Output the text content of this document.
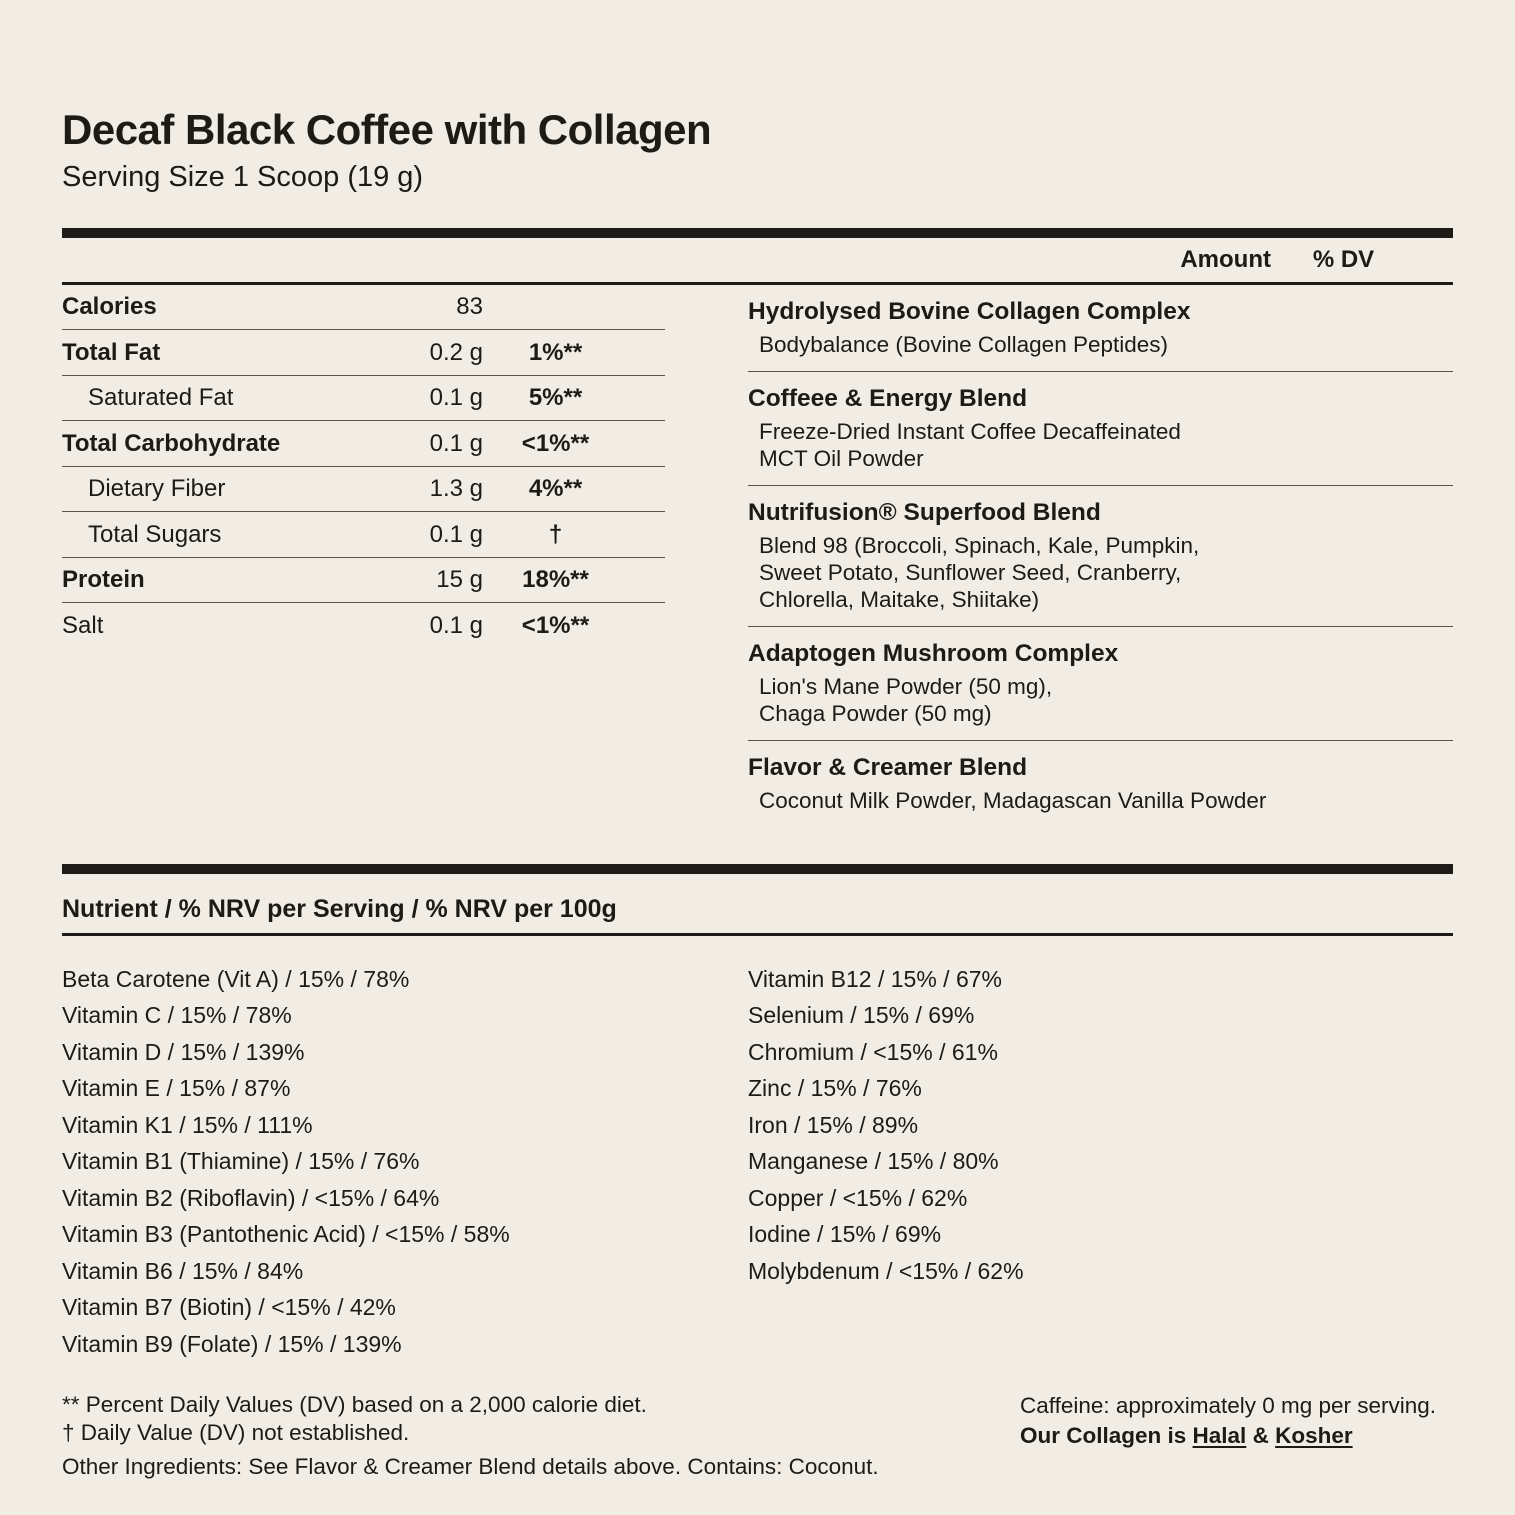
Decaf Black Coffee with Collagen
Serving Size 1 Scoop (19 g)
Amount	% DV
Calories	83
Total Fat	0.2 g	1%**
Saturated Fat	0.1 g	5%**
Total Carbohydrate	0.1 g	<1%**
Dietary Fiber	1.3 g	4%**
Total Sugars	0.1 g	†
Protein	15 g	18%**
Salt	0.1 g	<1%**
Hydrolysed Bovine Collagen Complex
Bodybalance (Bovine Collagen Peptides)
Coffeee & Energy Blend
Freeze-Dried Instant Coffee Decaffeinated
MCT Oil Powder
Nutrifusion® Superfood Blend
Blend 98 (Broccoli, Spinach, Kale, Pumpkin,
Sweet Potato, Sunflower Seed, Cranberry,
Chlorella, Maitake, Shiitake)
Adaptogen Mushroom Complex
Lion's Mane Powder (50 mg),
Chaga Powder (50 mg)
Flavor & Creamer Blend
Coconut Milk Powder, Madagascan Vanilla Powder
Nutrient / % NRV per Serving / % NRV per 100g
Beta Carotene (Vit A) / 15% / 78%
Vitamin C / 15% / 78%
Vitamin D / 15% / 139%
Vitamin E / 15% / 87%
Vitamin K1 / 15% / 111%
Vitamin B1 (Thiamine) / 15% / 76%
Vitamin B2 (Riboflavin) / <15% / 64%
Vitamin B3 (Pantothenic Acid) / <15% / 58%
Vitamin B6 / 15% / 84%
Vitamin B7 (Biotin) / <15% / 42%
Vitamin B9 (Folate) / 15% / 139%
Vitamin B12 / 15% / 67%
Selenium / 15% / 69%
Chromium / <15% / 61%
Zinc / 15% / 76%
Iron / 15% / 89%
Manganese / 15% / 80%
Copper / <15% / 62%
Iodine / 15% / 69%
Molybdenum / <15% / 62%
** Percent Daily Values (DV) based on a 2,000 calorie diet.
† Daily Value (DV) not established.
Other Ingredients: See Flavor & Creamer Blend details above. Contains: Coconut.
Caffeine: approximately 0 mg per serving.
Our Collagen is Halal & Kosher
